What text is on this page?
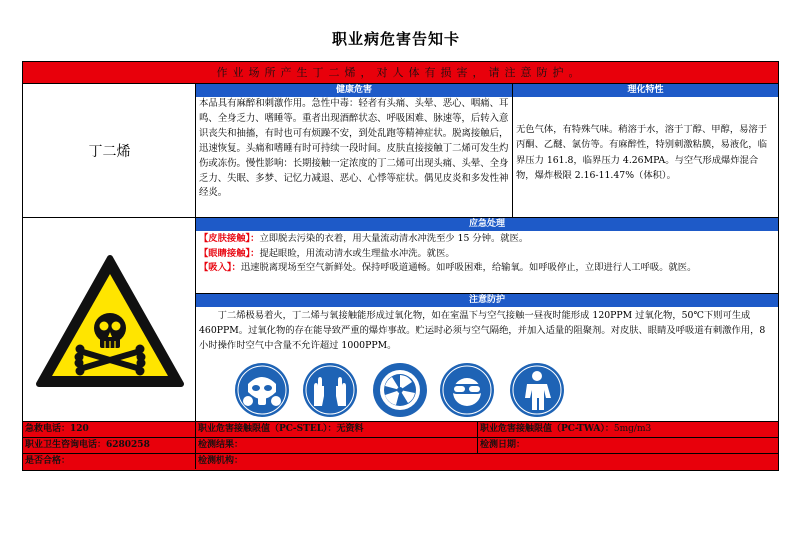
职业病危害告知卡
作业场所产生丁二烯，对人体有损害，请注意防护。
丁二烯
健康危害
本品具有麻醉和刺激作用。急性中毒：轻者有头痛、头晕、恶心、咽痛、耳鸣、全身乏力、嗜睡等。重者出现酒醉状态、呼吸困难、脉速等，后转入意识丧失和抽搐，有时也可有烦躁不安，到处乱跑等精神症状。脱离接触后，迅速恢复。头痛和嗜睡有时可持续一段时间。皮肤直接接触丁二烯可发生灼伤或冻伤。慢性影响：长期接触一定浓度的丁二烯可出现头痛、头晕、全身乏力、失眠、多梦、记忆力减退、恶心、心悸等症状。偶见皮炎和多发性神经炎。
理化特性
无色气体，有特殊气味。稍溶于水，溶于丁醇、甲醇，易溶于丙酮、乙醚、氯仿等。有麻醉性，特别刺激粘膜，易液化，临界压力 161.8，临界压力 4.26MPA。与空气形成爆炸混合物，爆炸极限 2.16-11.47%（体积）。
应急处理
【皮肤接触】：立即脱去污染的衣着，用大量流动清水冲洗至少 15 分钟。就医。
【眼睛接触】：提起眼睑，用流动清水或生理盐水冲洗。就医。
【吸入】：迅速脱离现场至空气新鲜处。保持呼吸道通畅。如呼吸困难，给输氧。如呼吸停止，立即进行人工呼吸。就医。
注意防护
丁二烯极易着火，丁二烯与氧接触能形成过氧化物，如在室温下与空气接触一昼夜时能形成 120PPM 过氧化物，50℃下则可生成 460PPM。过氧化物的存在能导致严重的爆炸事故。贮运时必须与空气隔绝，并加入适量的阻聚剂。对皮肤、眼睛及呼吸道有刺激作用，8 小时操作时空气中含量不允许超过 1000PPM。
急救电话：120	职业危害接触限值（PC-STEL）：无资料	职业危害接触限值（PC-TWA）：5mg/m3
职业卫生咨询电话：6280258	检测结果：	检测日期：
是否合格：	检测机构：
